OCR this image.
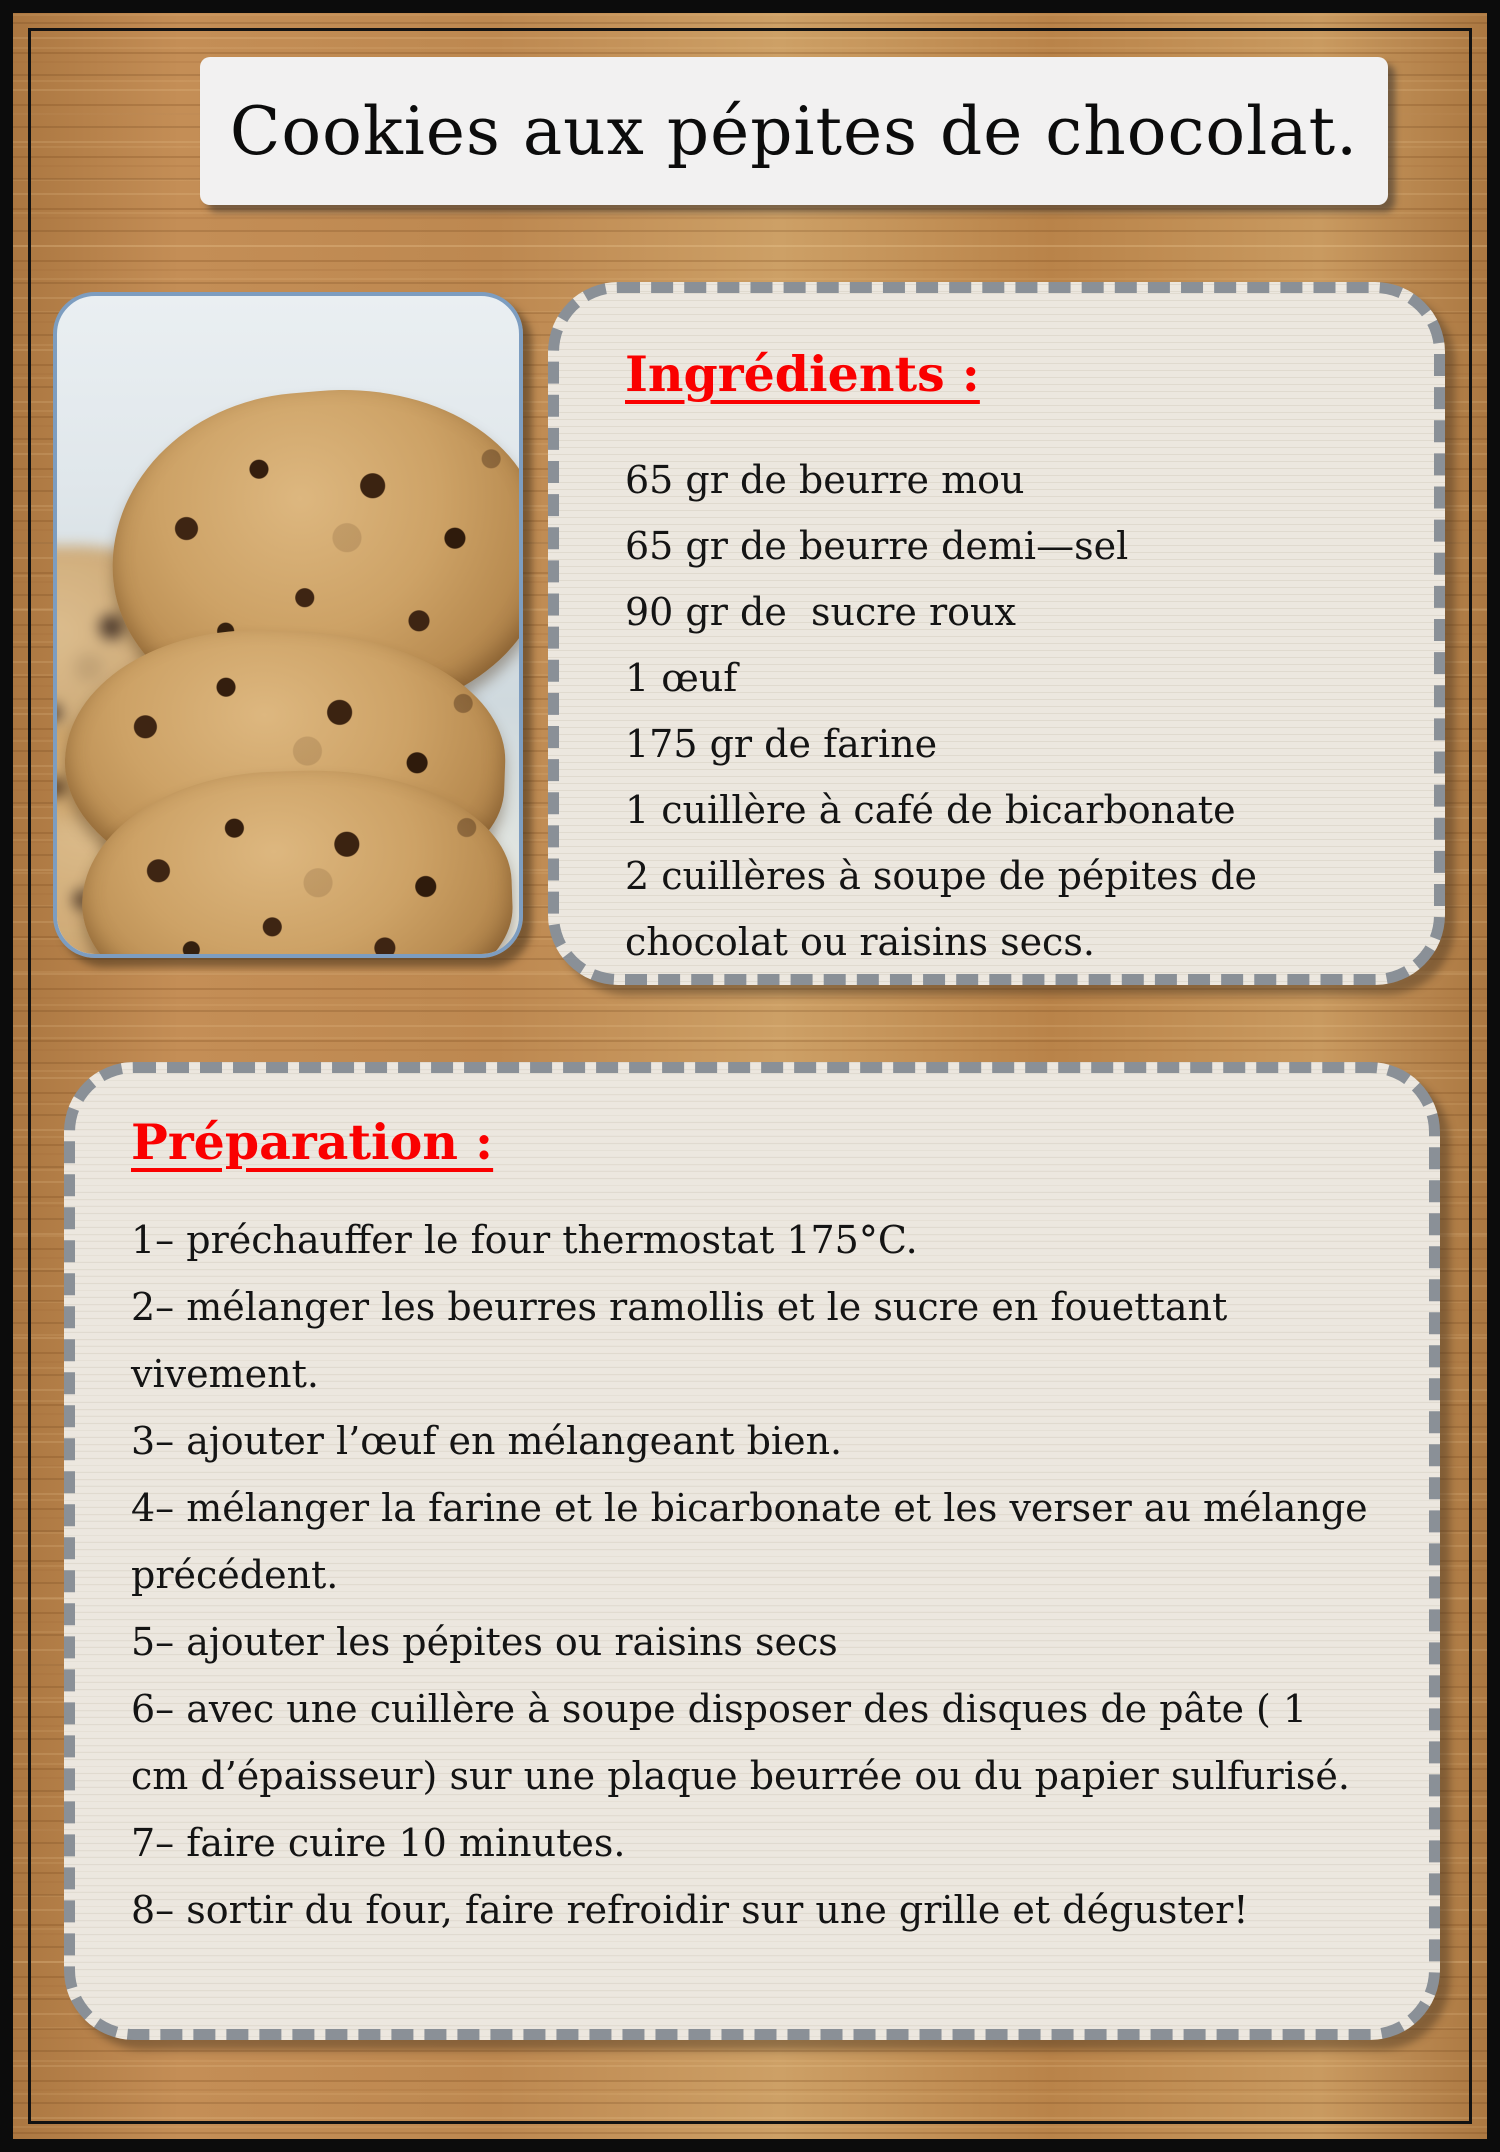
Cookies aux pépites de chocolat.
Ingrédients :
65 gr de beurre mou
65 gr de beurre demi—sel
90 gr de  sucre roux
1 œuf
175 gr de farine
1 cuillère à café de bicarbonate
2 cuillères à soupe de pépites de chocolat ou raisins secs.
Préparation :

1– préchauffer le four thermostat 175°C.

2– mélanger les beurres ramollis et le sucre en fouettant vivement.

3– ajouter l’œuf en mélangeant bien.

4– mélanger la farine et le bicarbonate et les verser au mélange précédent.

5– ajouter les pépites ou raisins secs

6– avec une cuillère à soupe disposer des disques de pâte ( 1 cm d’épaisseur) sur une plaque beurrée ou du papier sulfurisé.

7– faire cuire 10 minutes.

8– sortir du four, faire refroidir sur une grille et déguster!
